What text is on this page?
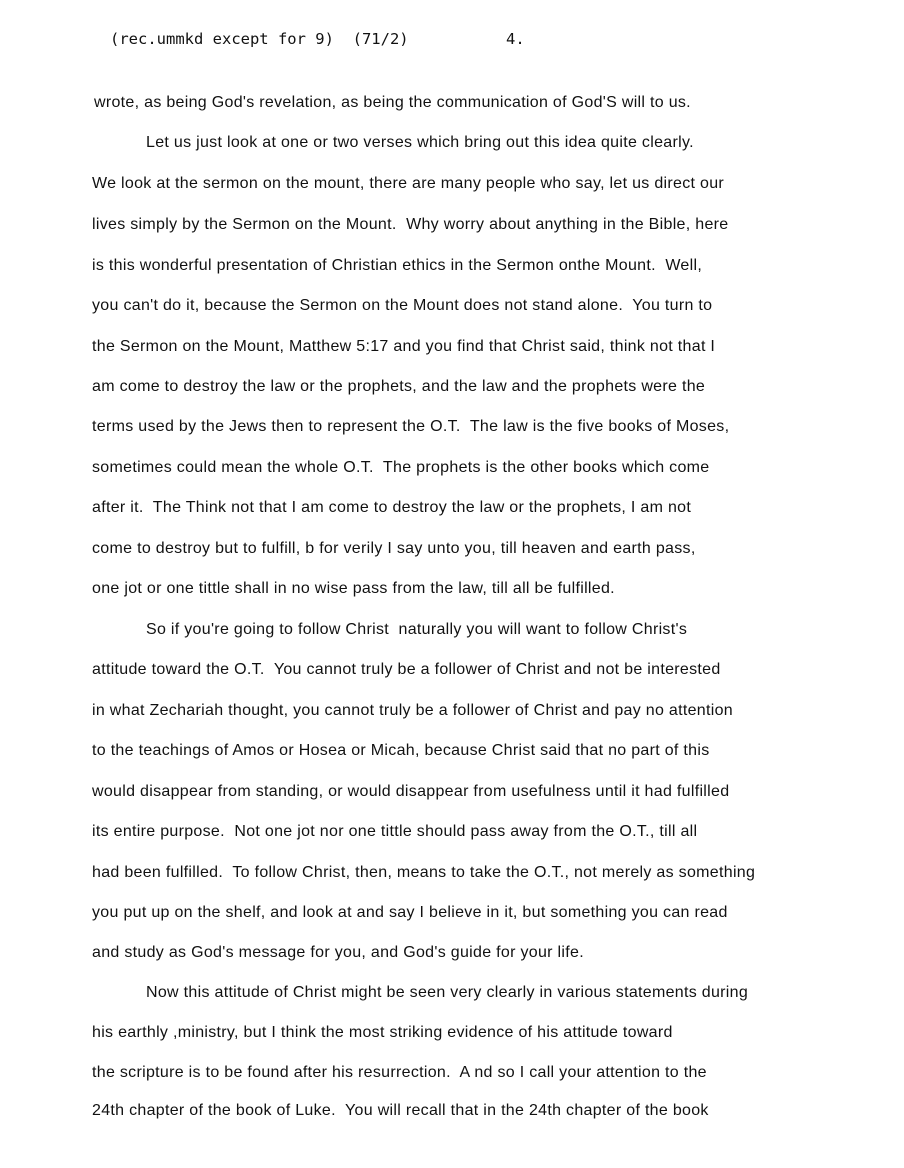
(rec.ummkd except for 9)  (71/2)	4.
wrote, as being God's revelation, as being the communication of God'S will to us.
Let us just look at one or two verses which bring out this idea quite clearly.
We look at the sermon on the mount, there are many people who say, let us direct our
lives simply by the Sermon on the Mount.  Why worry about anything in the Bible, here
is this wonderful presentation of Christian ethics in the Sermon onthe Mount.  Well,
you can't do it, because the Sermon on the Mount does not stand alone.  You turn to
the Sermon on the Mount, Matthew 5:17 and you find that Christ said, think not that I
am come to destroy the law or the prophets, and the law and the prophets were the
terms used by the Jews then to represent the O.T.  The law is the five books of Moses,
sometimes could mean the whole O.T.  The prophets is the other books which come
after it.  The Think not that I am come to destroy the law or the prophets, I am not
come to destroy but to fulfill, b for verily I say unto you, till heaven and earth pass,
one jot or one tittle shall in no wise pass from the law, till all be fulfilled.
So if you're going to follow Christ  naturally you will want to follow Christ's
attitude toward the O.T.  You cannot truly be a follower of Christ and not be interested
in what Zechariah thought, you cannot truly be a follower of Christ and pay no attention
to the teachings of Amos or Hosea or Micah, because Christ said that no part of this
would disappear from standing, or would disappear from usefulness until it had fulfilled
its entire purpose.  Not one jot nor one tittle should pass away from the O.T., till all
had been fulfilled.  To follow Christ, then, means to take the O.T., not merely as something
you put up on the shelf, and look at and say I believe in it, but something you can read
and study as God's message for you, and God's guide for your life.
Now this attitude of Christ might be seen very clearly in various statements during
his earthly ,ministry, but I think the most striking evidence of his attitude toward
the scripture is to be found after his resurrection.  A nd so I call your attention to the
24th chapter of the book of Luke.  You will recall that in the 24th chapter of the book
